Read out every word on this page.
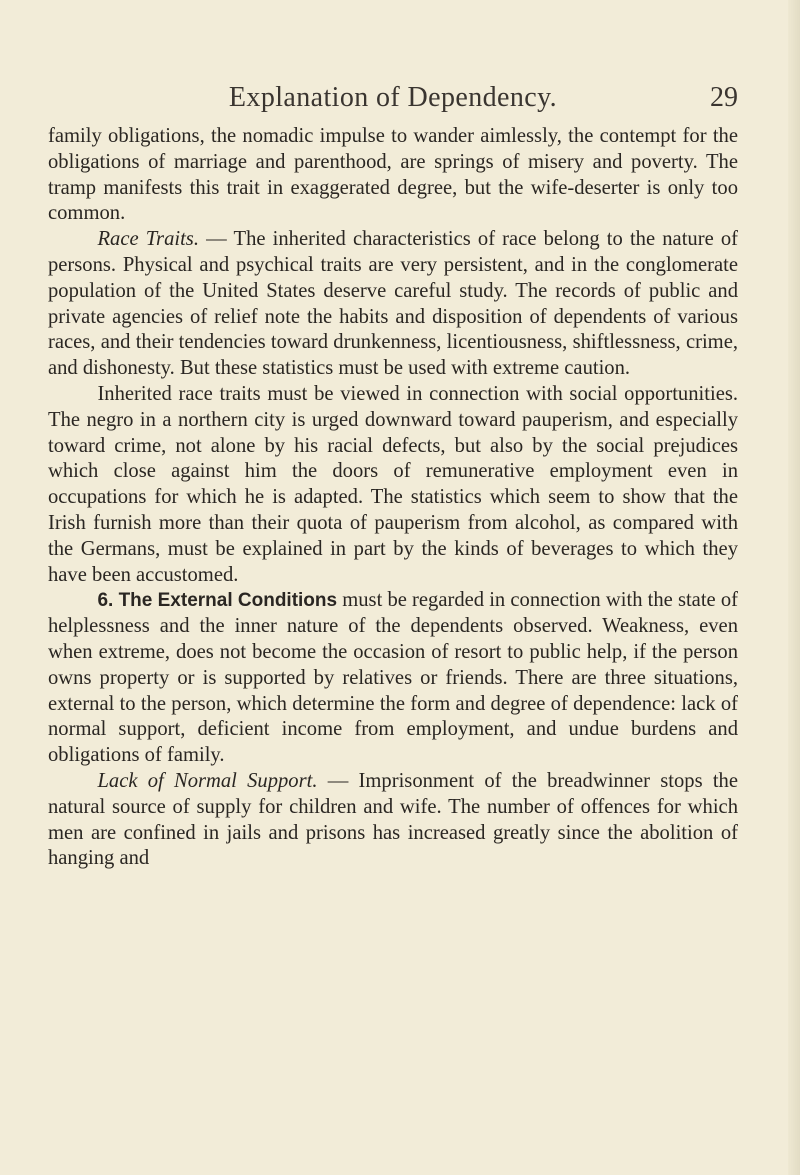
Explanation of Dependency.	29

family obligations, the nomadic impulse to wander aimlessly, the contempt for the obligations of marriage and parenthood, are springs of misery and poverty. The tramp manifests this trait in exaggerated degree, but the wife-deserter is only too common.

Race Traits. — The inherited characteristics of race belong to the nature of persons. Physical and psychical traits are very persistent, and in the conglomerate population of the United States deserve careful study. The records of public and private agencies of relief note the habits and disposition of dependents of various races, and their tendencies toward drunkenness, licentiousness, shiftlessness, crime, and dishonesty. But these statistics must be used with extreme caution.

Inherited race traits must be viewed in connection with social opportunities. The negro in a northern city is urged downward toward pauperism, and especially toward crime, not alone by his racial defects, but also by the social prejudices which close against him the doors of remunerative employment even in occupations for which he is adapted. The statistics which seem to show that the Irish furnish more than their quota of pauperism from alcohol, as compared with the Germans, must be explained in part by the kinds of beverages to which they have been accustomed.

6. The External Conditions must be regarded in connection with the state of helplessness and the inner nature of the dependents observed. Weakness, even when extreme, does not become the occasion of resort to public help, if the person owns property or is supported by relatives or friends. There are three situations, external to the person, which determine the form and degree of dependence: lack of normal support, deficient income from employment, and undue burdens and obligations of family.

Lack of Normal Support. — Imprisonment of the breadwinner stops the natural source of supply for children and wife. The number of offences for which men are confined in jails and prisons has increased greatly since the abolition of hanging and
